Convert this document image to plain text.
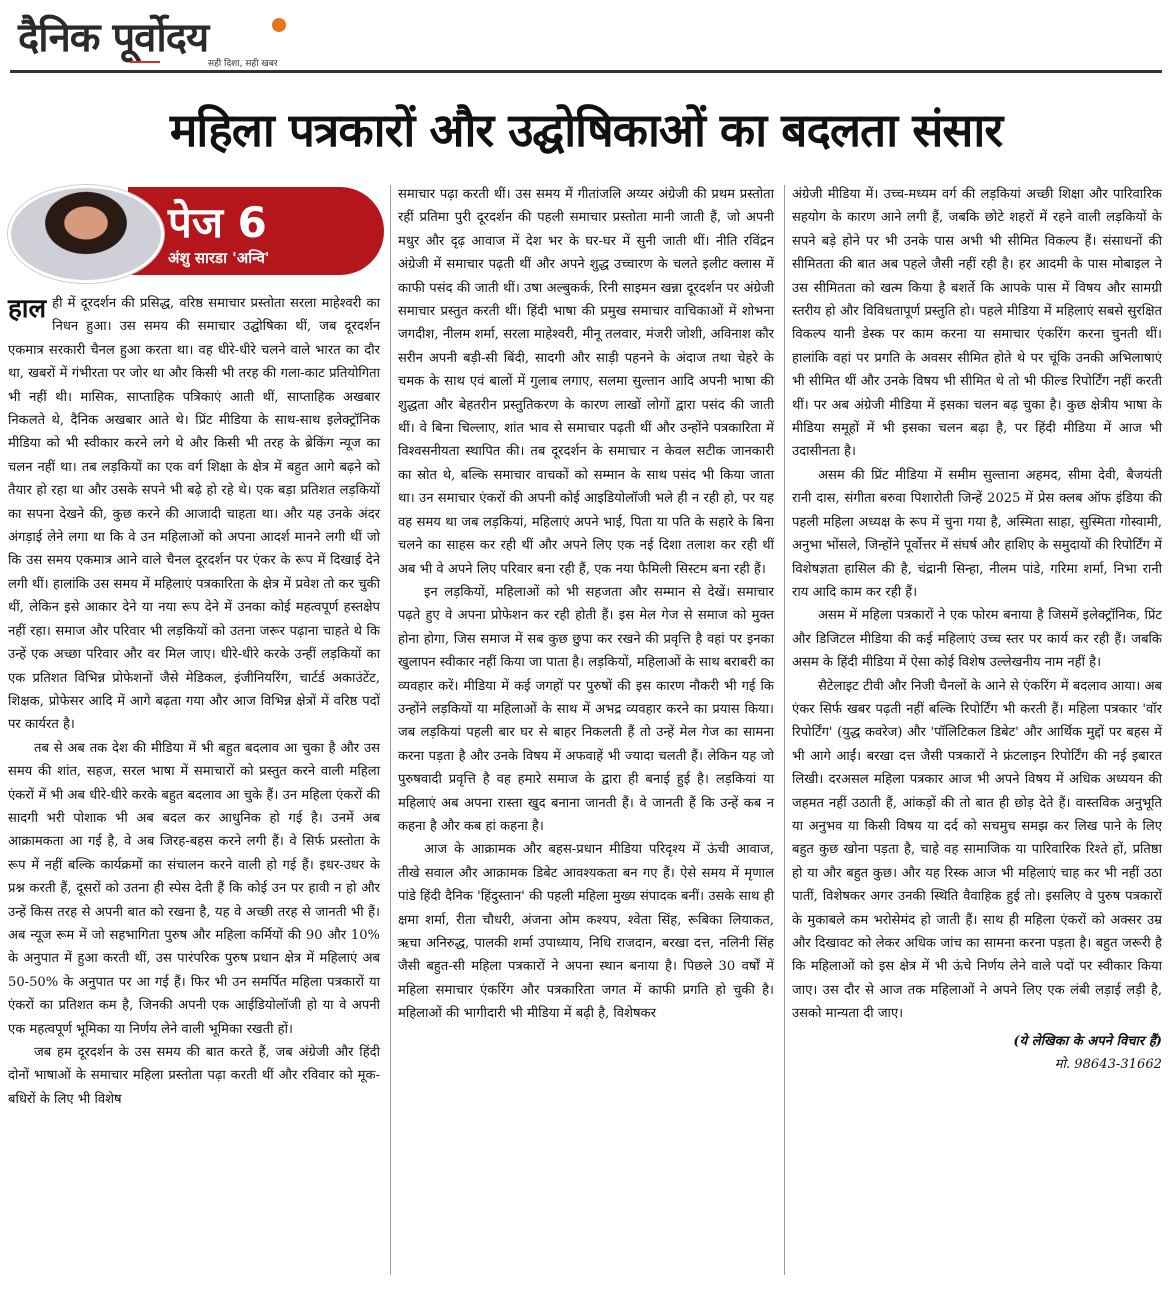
दैनिक पूर्वोदय
सही दिशा, सही खबर
महिला पत्रकारों और उद्घोषिकाओं का बदलता संसार
पेज 6
अंशु सारडा 'अन्वि'

हाल ही में दूरदर्शन की प्रसिद्ध, वरिष्ठ समाचार प्रस्तोता सरला माहेश्वरी का निधन हुआ। उस समय की समाचार उद्घोषिका थीं, जब दूरदर्शन एकमात्र सरकारी चैनल हुआ करता था। वह धीरे-धीरे चलने वाले भारत का दौर था, खबरों में गंभीरता पर जोर था और किसी भी तरह की गला-काट प्रतियोगिता भी नहीं थी। मासिक, साप्ताहिक पत्रिकाएं आती थीं, साप्ताहिक अखबार निकलते थे, दैनिक अखबार आते थे। प्रिंट मीडिया के साथ-साथ इलेक्ट्रॉनिक मीडिया को भी स्वीकार करने लगे थे और किसी भी तरह के ब्रेकिंग न्यूज का चलन नहीं था। तब लड़कियों का एक वर्ग शिक्षा के क्षेत्र में बहुत आगे बढ़ने को तैयार हो रहा था और उसके सपने भी बढ़े हो रहे थे। एक बड़ा प्रतिशत लड़कियों का सपना देखने की, कुछ करने की आजादी चाहता था। और यह उनके अंदर अंगड़ाई लेने लगा था कि वे उन महिलाओं को अपना आदर्श मानने लगी थीं जो कि उस समय एकमात्र आने वाले चैनल दूरदर्शन पर एंकर के रूप में दिखाई देने लगी थीं। हालांकि उस समय में महिलाएं पत्रकारिता के क्षेत्र में प्रवेश तो कर चुकी थीं, लेकिन इसे आकार देने या नया रूप देने में उनका कोई महत्वपूर्ण हस्तक्षेप नहीं रहा। समाज और परिवार भी लड़कियों को उतना जरूर पढ़ाना चाहते थे कि उन्हें एक अच्छा परिवार और वर मिल जाए। धीरे-धीरे करके उन्हीं लड़कियों का एक प्रतिशत विभिन्न प्रोफेशनों जैसे मेडिकल, इंजीनियरिंग, चार्टर्ड अकाउंटेंट, शिक्षक, प्रोफेसर आदि में आगे बढ़ता गया और आज विभिन्न क्षेत्रों में वरिष्ठ पदों पर कार्यरत है।

तब से अब तक देश की मीडिया में भी बहुत बदलाव आ चुका है और उस समय की शांत, सहज, सरल भाषा में समाचारों को प्रस्तुत करने वाली महिला एंकरों में भी अब धीरे-धीरे करके बहुत बदलाव आ चुके हैं। उन महिला एंकरों की सादगी भरी पोशाक भी अब बदल कर आधुनिक हो गई है। उनमें अब आक्रामकता आ गई है, वे अब जिरह-बहस करने लगी हैं। वे सिर्फ प्रस्तोता के रूप में नहीं बल्कि कार्यक्रमों का संचालन करने वाली हो गई हैं। इधर-उधर के प्रश्न करती हैं, दूसरों को उतना ही स्पेस देती हैं कि कोई उन पर हावी न हो और उन्हें किस तरह से अपनी बात को रखना है, यह वे अच्छी तरह से जानती भी हैं। अब न्यूज रूम में जो सहभागिता पुरुष और महिला कर्मियों की 90 और 10% के अनुपात में हुआ करती थीं, उस पारंपरिक पुरुष प्रधान क्षेत्र में महिलाएं अब 50-50% के अनुपात पर आ गई हैं। फिर भी उन समर्पित महिला पत्रकारों या एंकरों का प्रतिशत कम है, जिनकी अपनी एक आईडियोलॉजी हो या वे अपनी एक महत्वपूर्ण भूमिका या निर्णय लेने वाली भूमिका रखती हों।

जब हम दूरदर्शन के उस समय की बात करते हैं, जब अंग्रेजी और हिंदी दोनों भाषाओं के समाचार महिला प्रस्तोता पढ़ा करती थीं और रविवार को मूक-बधिरों के लिए भी विशेष

समाचार पढ़ा करती थीं। उस समय में गीतांजलि अय्यर अंग्रेजी की प्रथम प्रस्तोता रहीं प्रतिमा पुरी दूरदर्शन की पहली समाचार प्रस्तोता मानी जाती हैं, जो अपनी मधुर और दृढ़ आवाज में देश भर के घर-घर में सुनी जाती थीं। नीति रविंद्रन अंग्रेजी में समाचार पढ़ती थीं और अपने शुद्ध उच्चारण के चलते इलीट क्लास में काफी पसंद की जाती थीं। उषा अल्बुकर्क, रिनी साइमन खन्ना दूरदर्शन पर अंग्रेजी समाचार प्रस्तुत करती थीं। हिंदी भाषा की प्रमुख समाचार वाचिकाओं में शोभना जगदीश, नीलम शर्मा, सरला माहेश्वरी, मीनू तलवार, मंजरी जोशी, अविनाश कौर सरीन अपनी बड़ी-सी बिंदी, सादगी और साड़ी पहनने के अंदाज तथा चेहरे के चमक के साथ एवं बालों में गुलाब लगाए, सलमा सुल्तान आदि अपनी भाषा की शुद्धता और बेहतरीन प्रस्तुतिकरण के कारण लाखों लोगों द्वारा पसंद की जाती थीं। वे बिना चिल्लाए, शांत भाव से समाचार पढ़ती थीं और उन्होंने पत्रकारिता में विश्वसनीयता स्थापित की। तब दूरदर्शन के समाचार न केवल सटीक जानकारी का स्रोत थे, बल्कि समाचार वाचकों को सम्मान के साथ पसंद भी किया जाता था। उन समाचार एंकरों की अपनी कोई आइडियोलॉजी भले ही न रही हो, पर यह वह समय था जब लड़कियां, महिलाएं अपने भाई, पिता या पति के सहारे के बिना चलने का साहस कर रही थीं और अपने लिए एक नई दिशा तलाश कर रही थीं अब भी वे अपने लिए परिवार बना रही हैं, एक नया फैमिली सिस्टम बना रही हैं।

इन लड़कियों, महिलाओं को भी सहजता और सम्मान से देखें। समाचार पढ़ते हुए वे अपना प्रोफेशन कर रही होती हैं। इस मेल गेज से समाज को मुक्त होना होगा, जिस समाज में सब कुछ छुपा कर रखने की प्रवृत्ति है वहां पर इनका खुलापन स्वीकार नहीं किया जा पाता है। लड़कियों, महिलाओं के साथ बराबरी का व्यवहार करें। मीडिया में कई जगहों पर पुरुषों की इस कारण नौकरी भी गई कि उन्होंने लड़कियों या महिलाओं के साथ में अभद्र व्यवहार करने का प्रयास किया। जब लड़कियां पहली बार घर से बाहर निकलती हैं तो उन्हें मेल गेज का सामना करना पड़ता है और उनके विषय में अफवाहें भी ज्यादा चलती हैं। लेकिन यह जो पुरुषवादी प्रवृत्ति है वह हमारे समाज के द्वारा ही बनाई हुई है। लड़कियां या महिलाएं अब अपना रास्ता खुद बनाना जानती हैं। वे जानती हैं कि उन्हें कब न कहना है और कब हां कहना है।

आज के आक्रामक और बहस-प्रधान मीडिया परिदृश्य में ऊंची आवाज, तीखे सवाल और आक्रामक डिबेट आवश्यकता बन गए हैं। ऐसे समय में मृणाल पांडे हिंदी दैनिक 'हिंदुस्तान' की पहली महिला मुख्य संपादक बनीं। उसके साथ ही क्षमा शर्मा, रीता चौधरी, अंजना ओम कश्यप, श्वेता सिंह, रूबिका लियाकत, ऋचा अनिरुद्ध, पालकी शर्मा उपाध्याय, निधि राजदान, बरखा दत्त, नलिनी सिंह जैसी बहुत-सी महिला पत्रकारों ने अपना स्थान बनाया है। पिछले 30 वर्षों में महिला समाचार एंकरिंग और पत्रकारिता जगत में काफी प्रगति हो चुकी है। महिलाओं की भागीदारी भी मीडिया में बढ़ी है, विशेषकर

अंग्रेजी मीडिया में। उच्च-मध्यम वर्ग की लड़कियां अच्छी शिक्षा और पारिवारिक सहयोग के कारण आने लगी हैं, जबकि छोटे शहरों में रहने वाली लड़कियों के सपने बड़े होने पर भी उनके पास अभी भी सीमित विकल्प हैं। संसाधनों की सीमितता की बात अब पहले जैसी नहीं रही है। हर आदमी के पास मोबाइल ने उस सीमितता को खत्म किया है बशर्ते कि आपके पास में विषय और सामग्री स्तरीय हो और विविधतापूर्ण प्रस्तुति हो। पहले मीडिया में महिलाएं सबसे सुरक्षित विकल्प यानी डेस्क पर काम करना या समाचार एंकरिंग करना चुनती थीं। हालांकि वहां पर प्रगति के अवसर सीमित होते थे पर चूंकि उनकी अभिलाषाएं भी सीमित थीं और उनके विषय भी सीमित थे तो भी फील्ड रिपोर्टिंग नहीं करती थीं। पर अब अंग्रेजी मीडिया में इसका चलन बढ़ चुका है। कुछ क्षेत्रीय भाषा के मीडिया समूहों में भी इसका चलन बढ़ा है, पर हिंदी मीडिया में आज भी उदासीनता है।

असम की प्रिंट मीडिया में समीम सुल्ताना अहमद, सीमा देवी, बैजयंती रानी दास, संगीता बरुवा पिशारोती जिन्हें 2025 में प्रेस क्लब ऑफ इंडिया की पहली महिला अध्यक्ष के रूप में चुना गया है, अस्मिता साहा, सुस्मिता गोस्वामी, अनुभा भोंसले, जिन्होंने पूर्वोत्तर में संघर्ष और हाशिए के समुदायों की रिपोर्टिंग में विशेषज्ञता हासिल की है, चंद्रानी सिन्हा, नीलम पांडे, गरिमा शर्मा, निभा रानी राय आदि काम कर रही हैं।

असम में महिला पत्रकारों ने एक फोरम बनाया है जिसमें इलेक्ट्रॉनिक, प्रिंट और डिजिटल मीडिया की कई महिलाएं उच्च स्तर पर कार्य कर रही हैं। जबकि असम के हिंदी मीडिया में ऐसा कोई विशेष उल्लेखनीय नाम नहीं है।

सैटेलाइट टीवी और निजी चैनलों के आने से एंकरिंग में बदलाव आया। अब एंकर सिर्फ खबर पढ़ती नहीं बल्कि रिपोर्टिंग भी करती हैं। महिला पत्रकार 'वॉर रिपोर्टिंग' (युद्ध कवरेज) और 'पॉलिटिकल डिबेट' और आर्थिक मुद्दों पर बहस में भी आगे आईं। बरखा दत्त जैसी पत्रकारों ने फ्रंटलाइन रिपोर्टिंग की नई इबारत लिखी। दरअसल महिला पत्रकार आज भी अपने विषय में अधिक अध्ययन की जहमत नहीं उठाती हैं, आंकड़ों की तो बात ही छोड़ देते हैं। वास्तविक अनुभूति या अनुभव या किसी विषय या दर्द को सचमुच समझ कर लिख पाने के लिए बहुत कुछ खोना पड़ता है, चाहे वह सामाजिक या पारिवारिक रिश्ते हों, प्रतिष्ठा हो या और बहुत कुछ। और यह रिस्क आज भी महिलाएं चाह कर भी नहीं उठा पातीं, विशेषकर अगर उनकी स्थिति वैवाहिक हुई तो। इसलिए वे पुरुष पत्रकारों के मुकाबले कम भरोसेमंद हो जाती हैं। साथ ही महिला एंकरों को अक्सर उम्र और दिखावट को लेकर अधिक जांच का सामना करना पड़ता है। बहुत जरूरी है कि महिलाओं को इस क्षेत्र में भी ऊंचे निर्णय लेने वाले पदों पर स्वीकार किया जाए। उस दौर से आज तक महिलाओं ने अपने लिए एक लंबी लड़ाई लड़ी है, उसको मान्यता दी जाए।

(ये लेखिका के अपने विचार हैं)
मो. 98643-31662
